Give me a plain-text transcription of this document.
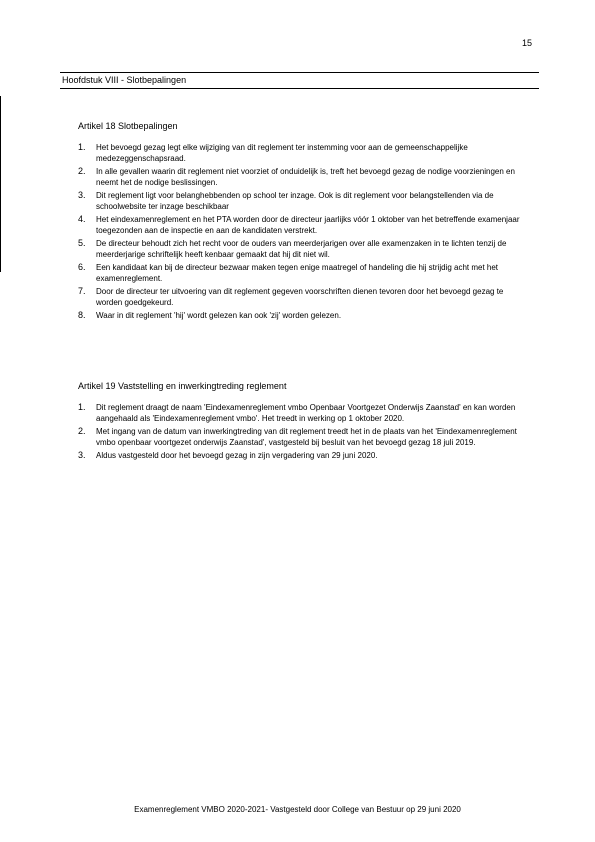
15
Hoofdstuk VIII - Slotbepalingen
Artikel 18 Slotbepalingen
1. Het bevoegd gezag legt elke wijziging van dit reglement ter instemming voor aan de gemeenschappelijke medezeggenschapsraad.
2. In alle gevallen waarin dit reglement niet voorziet of onduidelijk is, treft het bevoegd gezag de nodige voorzieningen en neemt het de nodige beslissingen.
3. Dit reglement ligt voor belanghebbenden op school ter inzage. Ook is dit reglement voor belangstellenden via de schoolwebsite ter inzage beschikbaar
4. Het eindexamenreglement en het PTA worden door de directeur jaarlijks vóór 1 oktober van het betreffende examenjaar toegezonden aan de inspectie en aan de kandidaten verstrekt.
5. De directeur behoudt zich het recht voor de ouders van meerderjarigen over alle examenzaken in te lichten tenzij de meerderjarige schriftelijk heeft kenbaar gemaakt dat hij dit niet wil.
6. Een kandidaat kan bij de directeur bezwaar maken tegen enige maatregel of handeling die hij strijdig acht met het examenreglement.
7. Door de directeur ter uitvoering van dit reglement gegeven voorschriften dienen tevoren door het bevoegd gezag te worden goedgekeurd.
8. Waar in dit reglement 'hij' wordt gelezen kan ook 'zij' worden gelezen.
Artikel 19 Vaststelling en inwerkingtreding reglement
1. Dit reglement draagt de naam 'Eindexamenreglement vmbo Openbaar Voortgezet Onderwijs Zaanstad' en kan worden aangehaald als 'Eindexamenreglement vmbo'. Het treedt in werking op 1 oktober 2020.
2. Met ingang van de datum van inwerkingtreding van dit reglement treedt het in de plaats van het 'Eindexamenreglement vmbo openbaar voortgezet onderwijs Zaanstad', vastgesteld bij besluit van het bevoegd gezag 18 juli 2019.
3. Aldus vastgesteld door het bevoegd gezag in zijn vergadering van 29 juni 2020.
Examenreglement VMBO 2020-2021- Vastgesteld door College van Bestuur op 29 juni 2020
